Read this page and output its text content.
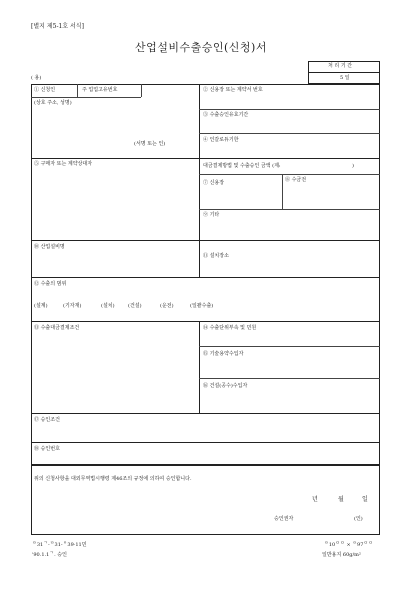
[별지 제5-1호 서식]
산업설비수출승인(신청)서
( 용)
처 리 기 간
5 일
① 신청인	주 업업고유번호
(상호 주소, 성명)
(서명 또는 인)
② 신용장 또는 계약서 번호
③ 수출승인유효기간
④ 인갈로듀기한
⑤ 구매자 또는 계약상대자	대금결제방법 및 수출승인 금액 (제:	)
⑦ 신용장	⑧ 수금전
⑨ 기타
⑩ 산업설비명
⑪ 설치장소
⑫ 수출의 범위
(설계)	(기자재)	(설치)	(건설)	(운전)	(일괄수출)
⑬ 수출대금결제조건	⑭ 수출단위부속 및 민원
⑮ 기술용약수입자
⑯ 건설(공수)수입자
⑰ 승인조건
⑱ 승인번호
위의 신청사항을 대외무역법시행령 제46조의 규정에 의하여 승인합니다.
년	월	일
승인권자	(인)
ᄅ31ᄀ-ᄅ31-ᄋ39·11민
'90.1.1ᄀ. 승인
ᄅ10ᄆᄆ × ᄅ97ᄆᄆ
일반용지 60g/m²
